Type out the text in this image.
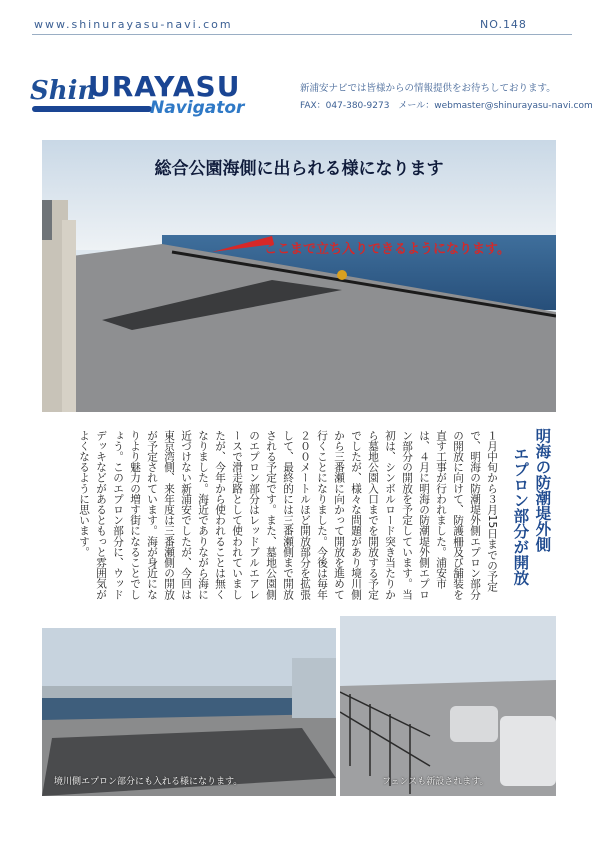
www.shinurayasu-navi.com	NO.148
Shin
URAYASU
Navigator
新浦安ナビでは皆様からの情報提供をお待ちしております。
FAX：047-380-9273　メール：webmaster@shinurayasu-navi.com
総合公園海側に出られる様になります
ここまで立ち入りできるようになります。
明海の防潮堤外側
エプロン部分が開放
１月中旬から３月15日までの予定で、明海の防潮堤外側エプロン部分の開放に向けて、防護柵及び舗装を直す工事が行われました。浦安市は、４月に明海の防潮堤外側エプロン部分の開放を予定しています。当初は、シンボルロード突き当たりから墓地公園入口までを開放する予定でしたが、様々な問題があり境川側から三番瀬に向かって開放を進めて行くことになりました。今後は毎年２００メートルほど開放部分を拡張して、最終的には三番瀬側まで開放される予定です。また、墓地公園側のエプロン部分はレッドブルエアレースで滑走路として使われていましたが、今年から使われることは無くなりました。海近でありながら海に近づけない新浦安でしたが、今回は東京湾側、来年度は三番瀬側の開放が予定されています。海が身近になりより魅力の増す街になることでしょう。このエプロン部分に、ウッドデッキなどがあるともっと雰囲気がよくなるように思います。
境川側エプロン部分にも入れる様になります。	フェンスも新設されます。
